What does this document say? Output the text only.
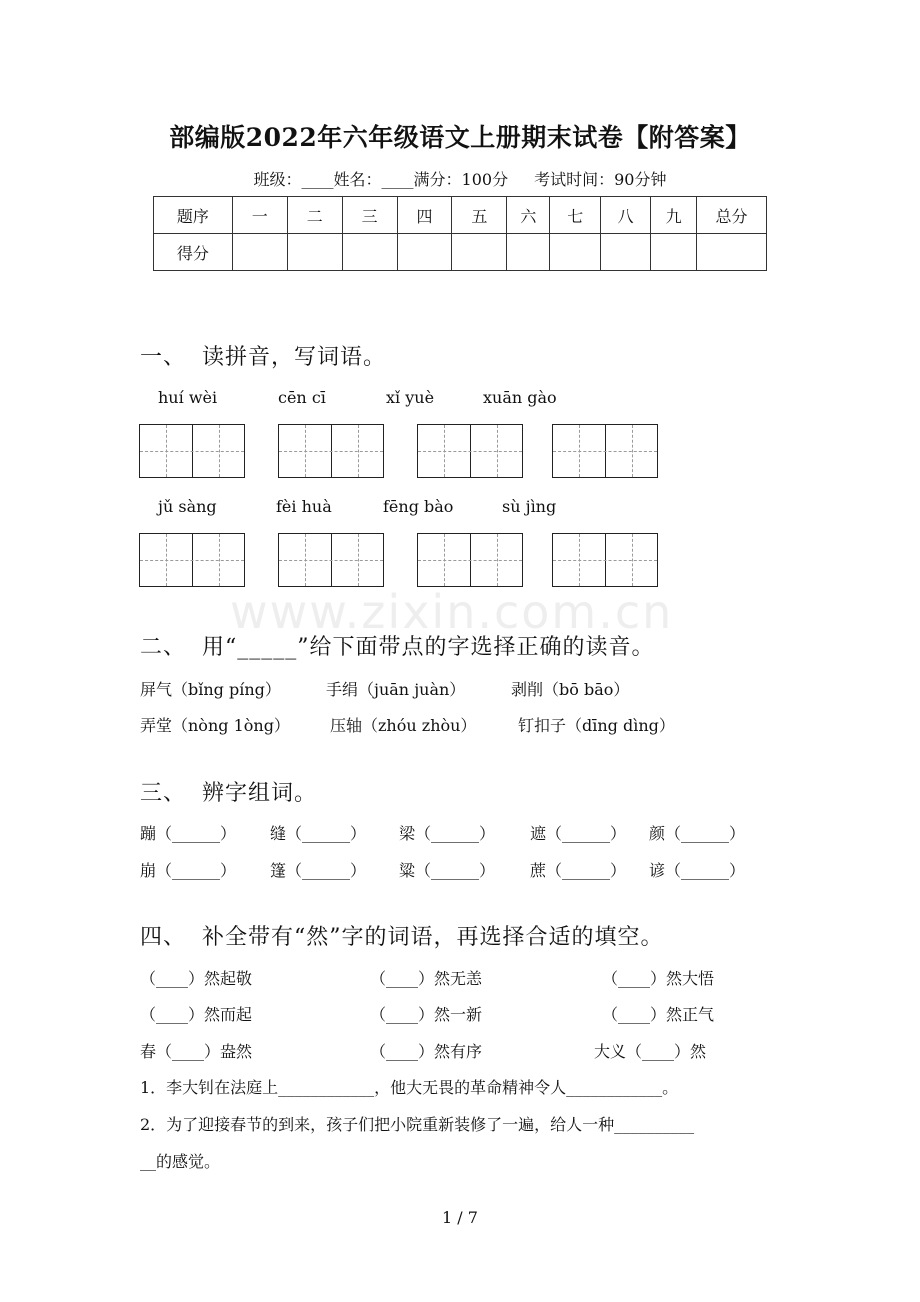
部编版2022年六年级语文上册期末试卷【附答案】
班级：____姓名：____满分：100分 考试时间：90分钟
题序	一	二	三	四	五	六	七	八	九	总分
得分										
一、 读拼音，写词语。
huí wèi	cēn cī	xǐ yuè	xuān gào
jǔ sàng	fèi huà	fēng bào	sù jìng
www.zixin.com.cn
二、 用“_____”给下面带点的字选择正确的读音。
屏气（bǐng píng）	手绢（juān juàn）	剥削（bō bāo）
弄堂（nòng 1òng）	压轴（zhóu zhòu）	钉扣子（dīng dìng）
三、 辨字组词。
蹦（______） 缝（______） 梁（______） 遮（______） 颜（______）
崩（______） 篷（______） 粱（______） 蔗（______） 谚（______）
四、 补全带有“然”字的词语，再选择合适的填空。
（____）然起敬	（____）然无恙	（____）然大悟
（____）然而起	（____）然一新	（____）然正气
春（____）盎然	（____）然有序	大义（____）然
1．李大钊在法庭上____________，他大无畏的革命精神令人____________。
2．为了迎接春节的到来，孩子们把小院重新装修了一遍，给人一种__________
__的感觉。
1 / 7
